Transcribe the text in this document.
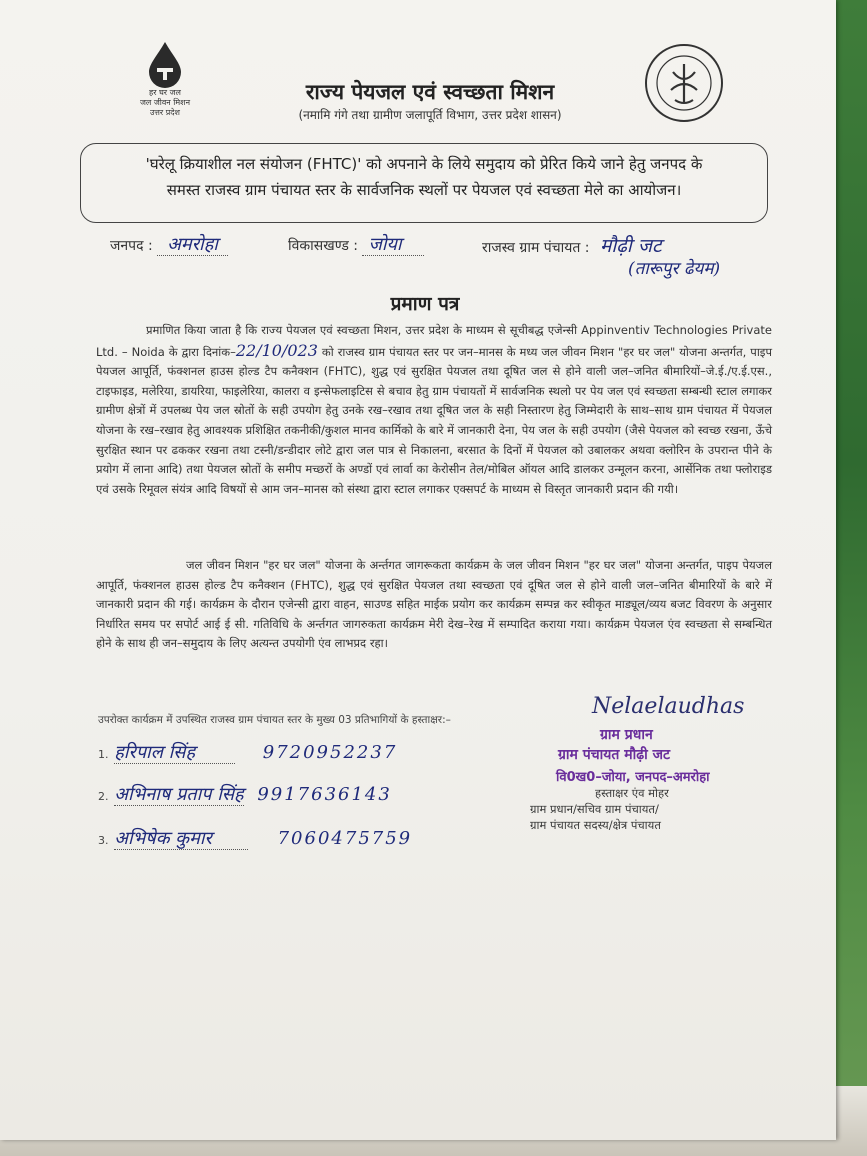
हर घर जल
जल जीवन मिशन
उत्तर प्रदेश
राज्य पेयजल एवं स्वच्छता मिशन
(नमामि गंगे तथा ग्रामीण जलापूर्ति विभाग, उत्तर प्रदेश शासन)
'घरेलू क्रियाशील नल संयोजन (FHTC)' को अपनाने के लिये समुदाय को प्रेरित किये जाने हेतु जनपद के
समस्त राजस्व ग्राम पंचायत स्तर के सार्वजनिक स्थलों पर पेयजल एवं स्वच्छता मेले का आयोजन।
जनपद : अमरोहा	विकासखण्ड : जोया	राजस्व ग्राम पंचायत : मौढ़ी जट
(तारूपुर ढेयम)
प्रमाण पत्र

प्रमाणित किया जाता है कि राज्य पेयजल एवं स्वच्छता मिशन, उत्तर प्रदेश के माध्यम से सूचीबद्ध एजेन्सी Appinventiv Technologies Private Ltd. – Noida के द्वारा दिनांक–22/10/023 को राजस्व ग्राम पंचायत स्तर पर जन–मानस के मध्य जल जीवन मिशन "हर घर जल" योजना अन्तर्गत, पाइप पेयजल आपूर्ति, फंक्शनल हाउस होल्ड टैप कनैक्शन (FHTC), शुद्ध एवं सुरक्षित पेयजल तथा दूषित जल से होने वाली जल–जनित बीमारियों–जे.ई./ए.ई.एस., टाइफाइड, मलेरिया, डायरिया, फाइलेरिया, कालरा व इन्सेफलाइटिस से बचाव हेतु ग्राम पंचायतों में सार्वजनिक स्थलो पर पेय जल एवं स्वच्छता सम्बन्धी स्टाल लगाकर ग्रामीण क्षेत्रों में उपलब्ध पेय जल स्रोतों के सही उपयोग हेतु उनके रख–रखाव तथा दूषित जल के सही निस्तारण हेतु जिम्मेदारी के साथ–साथ ग्राम पंचायत में पेयजल योजना के रख–रखाव हेतु आवश्यक प्रशिक्षित तकनीकी/कुशल मानव कार्मिको के बारे में जानकारी देना, पेय जल के सही उपयोग (जैसे पेयजल को स्वच्छ रखना, ऊँचे सुरक्षित स्थान पर ढककर रखना तथा टस्नी/डन्डीदार लोटे द्वारा जल पात्र से निकालना, बरसात के दिनों में पेयजल को उबालकर अथवा क्लोरिन के उपरान्त पीने के प्रयोग में लाना आदि) तथा पेयजल स्रोतों के समीप मच्छरों के अण्डों एवं लार्वा का केरोसीन तेल/मोबिल ऑयल आदि डालकर उन्मूलन करना, आर्सेनिक तथा फ्लोराइड एवं उसके रिमूवल संयंत्र आदि विषयों से आम जन–मानस को संस्था द्वारा स्टाल लगाकर एक्सपर्ट के माध्यम से विस्तृत जानकारी प्रदान की गयी।

जल जीवन मिशन "हर घर जल" योजना के अर्न्तगत जागरूकता कार्यक्रम के जल जीवन मिशन "हर घर जल" योजना अन्तर्गत, पाइप पेयजल आपूर्ति, फंक्शनल हाउस होल्ड टैप कनैक्शन (FHTC), शुद्ध एवं सुरक्षित पेयजल तथा स्वच्छता एवं दूषित जल से होने वाली जल–जनित बीमारियों के बारे में जानकारी प्रदान की गई। कार्यक्रम के दौरान एजेन्सी द्वारा वाहन, साउण्ड सहित माईक प्रयोग कर कार्यक्रम सम्पन्न कर स्वीकृत माड्यूल/व्यय बजट विवरण के अनुसार निर्धारित समय पर सपोर्ट आई ई सी. गतिविधि के अर्न्तगत जागरुकता कार्यक्रम मेरी देख–रेख में सम्पादित कराया गया। कार्यक्रम पेयजल एंव स्वच्छता से सम्बन्धित होने के साथ ही जन–समुदाय के लिए अत्यन्त उपयोगी एंव लाभप्रद रहा।

उपरोक्त कार्यक्रम में उपस्थित राजस्व ग्राम पंचायत स्तर के मुख्य 03 प्रतिभागियों के हस्ताक्षर:–
1. हरिपाल सिंह	9720952237
2. अभिनाष प्रताप सिंह 9917636143
3. अभिषेक कुमार	7060475759
Nelaelaudhas
ग्राम प्रधान
ग्राम पंचायत मौढ़ी जट
वि0ख0–जोया, जनपद–अमरोहा
हस्ताक्षर एंव मोहर
ग्राम प्रधान/सचिव ग्राम पंचायत/
ग्राम पंचायत सदस्य/क्षेत्र पंचायत
